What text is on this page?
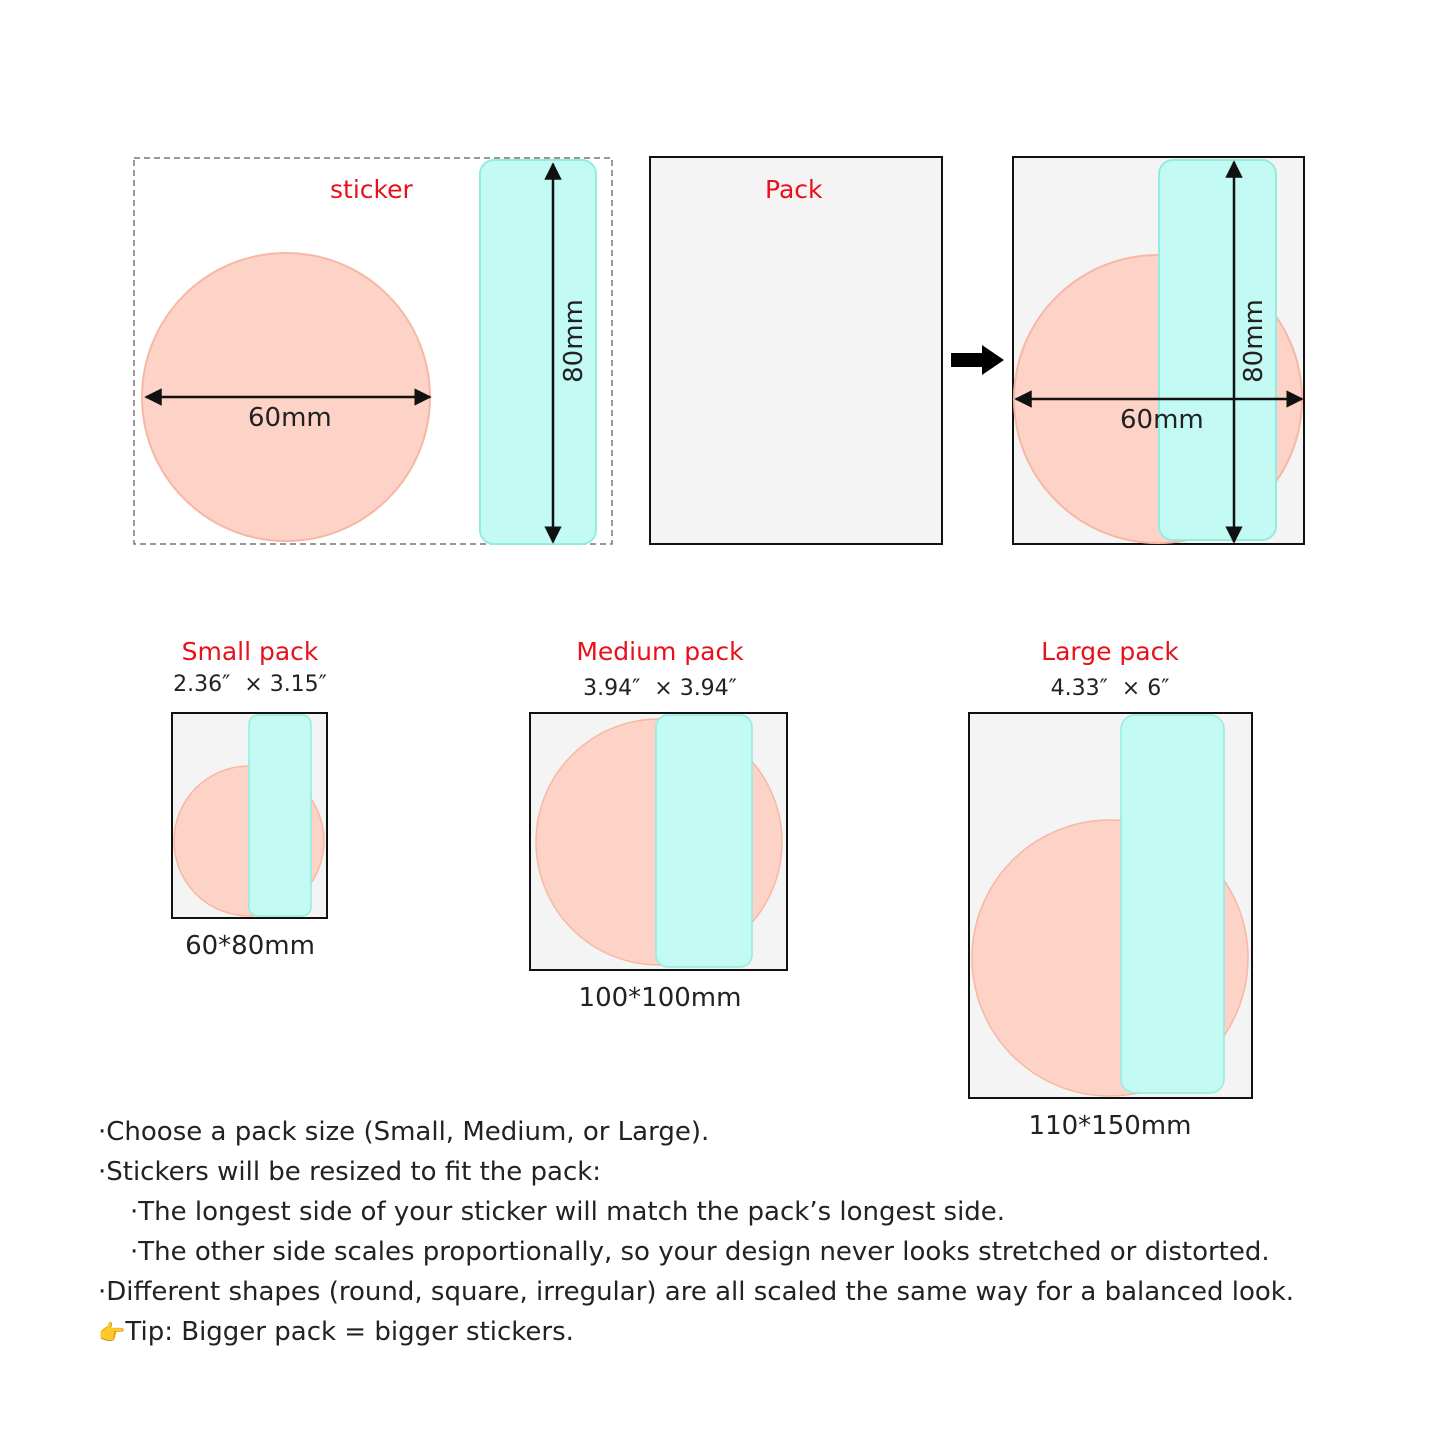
sticker	Pack
60mm
80mm
60mm
80mm
Small pack
2.36″  × 3.15″
60*80mm
Medium pack
3.94″  × 3.94″
100*100mm
Large pack
4.33″  × 6″
110*150mm
·Choose a pack size (Small, Medium, or Large).
·Stickers will be resized to fit the pack:
·The longest side of your sticker will match the pack’s longest side.
·The other side scales proportionally, so your design never looks stretched or distorted.
·Different shapes (round, square, irregular) are all scaled the same way for a balanced look.
👉Tip: Bigger pack = bigger stickers.
